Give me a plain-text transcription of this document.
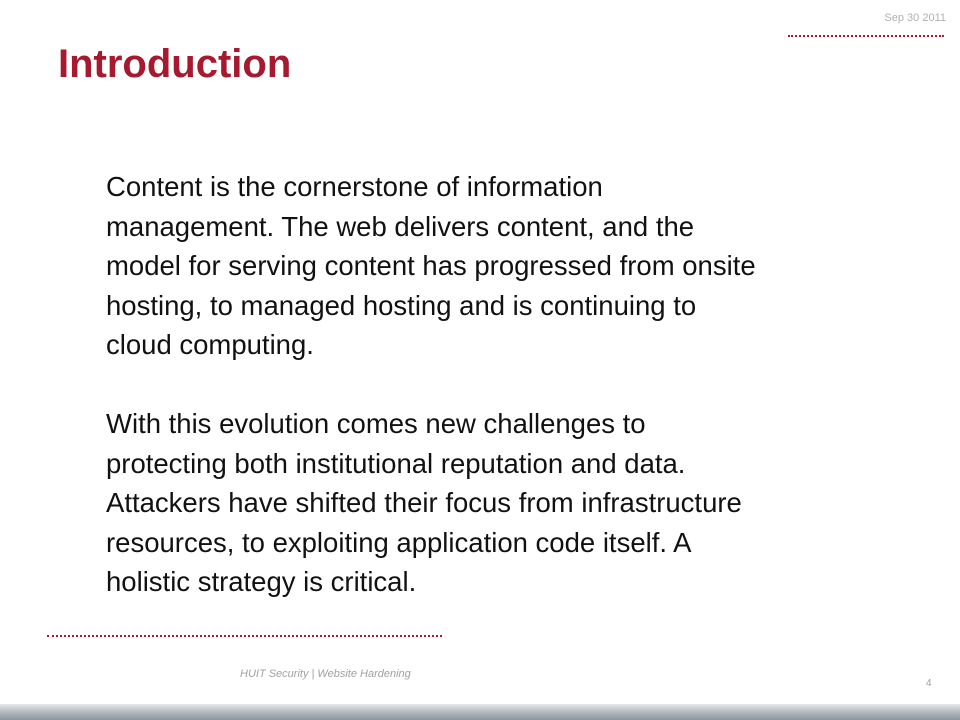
Sep 30 2011
Introduction

Content is the cornerstone of information
management. The web delivers content, and the
model for serving content has progressed from onsite
hosting, to managed hosting and is continuing to
cloud computing.

With this evolution comes new challenges to
protecting both institutional reputation and data.
Attackers have shifted their focus from infrastructure
resources, to exploiting application code itself. A
holistic strategy is critical.

HUIT Security | Website Hardening
4
